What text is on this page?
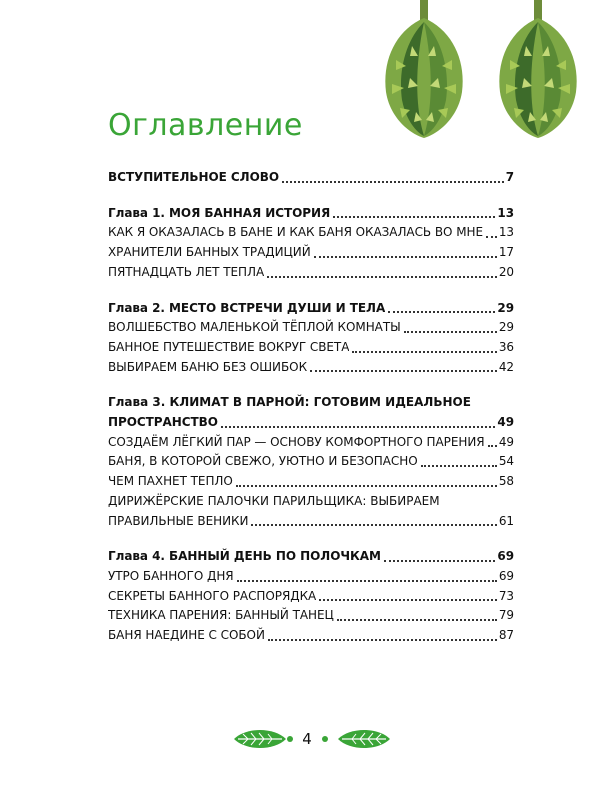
Оглавление
ВСТУПИТЕЛЬНОЕ СЛОВО	7
Глава 1. МОЯ БАННАЯ ИСТОРИЯ	13
КАК Я ОКАЗАЛАСЬ В БАНЕ И КАК БАНЯ ОКАЗАЛАСЬ ВО МНЕ 13
ХРАНИТЕЛИ БАННЫХ ТРАДИЦИЙ	17
ПЯТНАДЦАТЬ ЛЕТ ТЕПЛА	20
Глава 2. МЕСТО ВСТРЕЧИ ДУШИ И ТЕЛА	29
ВОЛШЕБСТВО МАЛЕНЬКОЙ ТЁПЛОЙ КОМНАТЫ	29
БАННОЕ ПУТЕШЕСТВИЕ ВОКРУГ СВЕТА	36
ВЫБИРАЕМ БАНЮ БЕЗ ОШИБОК	42
Глава 3. КЛИМАТ В ПАРНОЙ: ГОТОВИМ ИДЕАЛЬНОЕ
ПРОСТРАНСТВО	49
СОЗДАЁМ ЛЁГКИЙ ПАР — ОСНОВУ КОМФОРТНОГО ПАРЕНИЯ 49
БАНЯ, В КОТОРОЙ СВЕЖО, УЮТНО И БЕЗОПАСНО	54
ЧЕМ ПАХНЕТ ТЕПЛО	58
ДИРИЖЁРСКИЕ ПАЛОЧКИ ПАРИЛЬЩИКА: ВЫБИРАЕМ
ПРАВИЛЬНЫЕ ВЕНИКИ	61
Глава 4. БАННЫЙ ДЕНЬ ПО ПОЛОЧКАМ	69
УТРО БАННОГО ДНЯ	69
СЕКРЕТЫ БАННОГО РАСПОРЯДКА	73
ТЕХНИКА ПАРЕНИЯ: БАННЫЙ ТАНЕЦ	79
БАНЯ НАЕДИНЕ С СОБОЙ	87
4
